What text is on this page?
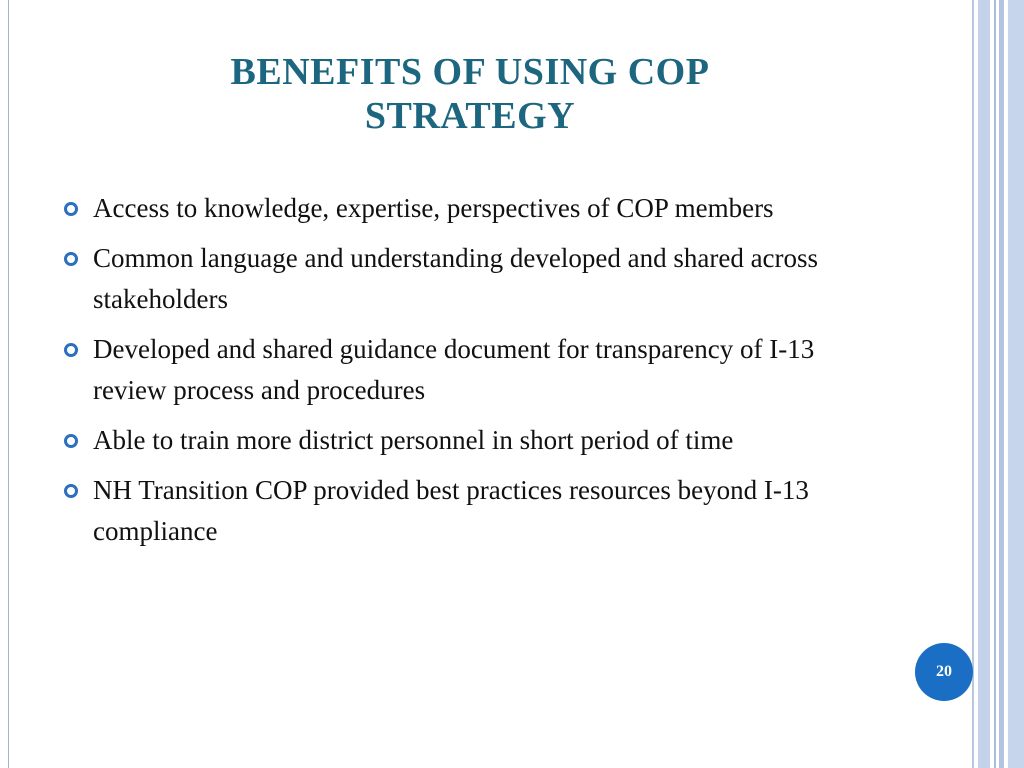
BENEFITS OF USING COP
STRATEGY
Access to knowledge, expertise, perspectives of COP members
Common language and understanding developed and shared across stakeholders
Developed and shared guidance document for transparency of I-13 review process and procedures
Able to train more district personnel in short period of time
NH Transition COP provided best practices resources beyond I-13 compliance
20
